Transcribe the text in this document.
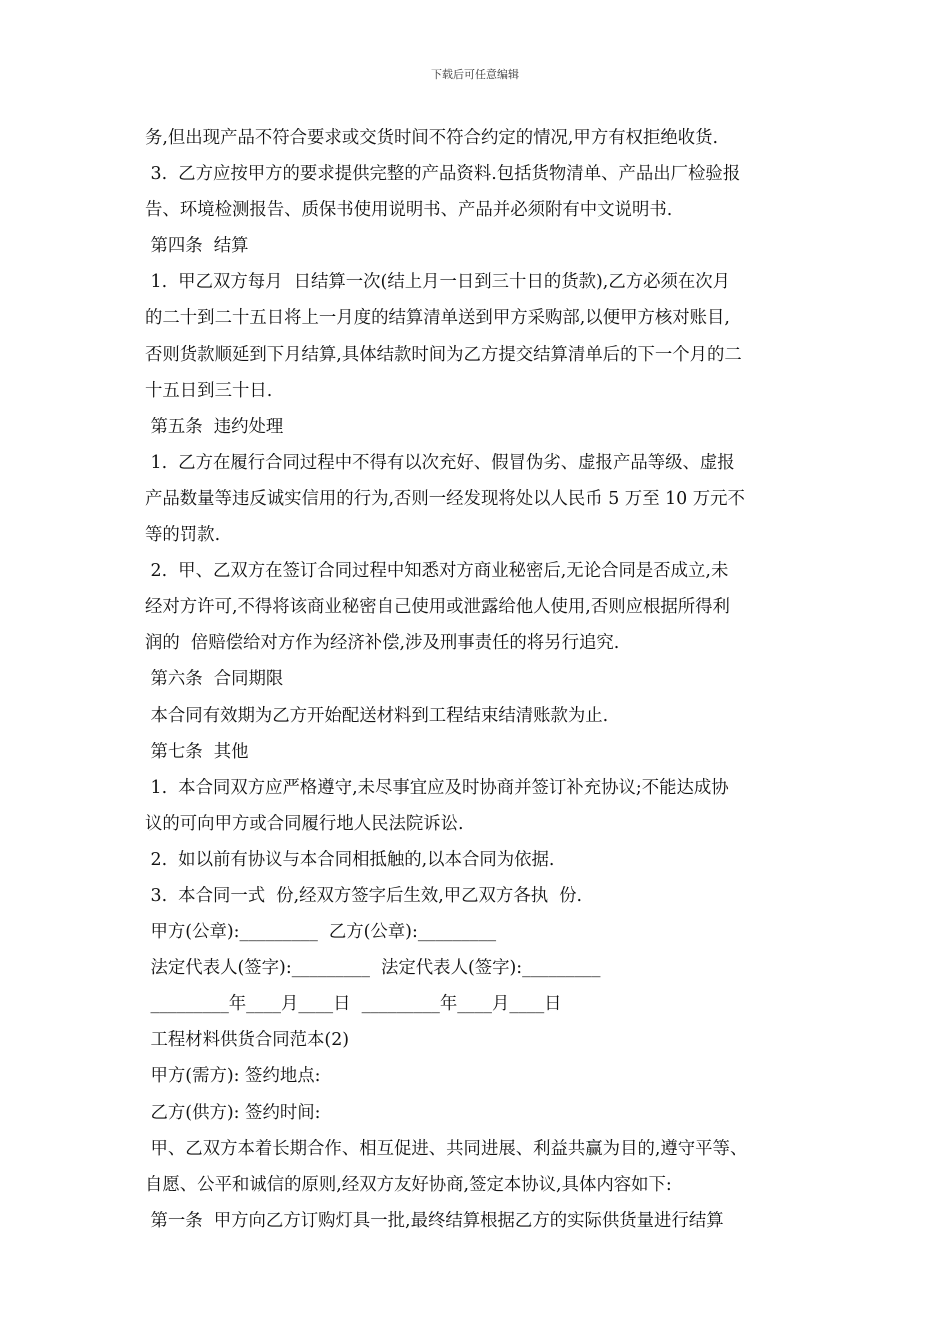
下载后可任意编辑
务,但出现产品不符合要求或交货时间不符合约定的情况,甲方有权拒绝收货.
3.  乙方应按甲方的要求提供完整的产品资料.包括货物清单、产品出厂检验报
告、环境检测报告、质保书使用说明书、产品并必须附有中文说明书.
第四条  结算
1.  甲乙双方每月  日结算一次(结上月一日到三十日的货款),乙方必须在次月
的二十到二十五日将上一月度的结算清单送到甲方采购部,以便甲方核对账目,
否则货款顺延到下月结算,具体结款时间为乙方提交结算清单后的下一个月的二
十五日到三十日.
第五条  违约处理
1.  乙方在履行合同过程中不得有以次充好、假冒伪劣、虚报产品等级、虚报
产品数量等违反诚实信用的行为,否则一经发现将处以人民币 5 万至 10 万元不
等的罚款.
2.  甲、乙双方在签订合同过程中知悉对方商业秘密后,无论合同是否成立,未
经对方许可,不得将该商业秘密自己使用或泄露给他人使用,否则应根据所得利
润的  倍赔偿给对方作为经济补偿,涉及刑事责任的将另行追究.
第六条  合同期限
本合同有效期为乙方开始配送材料到工程结束结清账款为止.
第七条  其他
1.  本合同双方应严格遵守,未尽事宜应及时协商并签订补充协议;不能达成协
议的可向甲方或合同履行地人民法院诉讼.
2.  如以前有协议与本合同相抵触的,以本合同为依据.
3.  本合同一式  份,经双方签字后生效,甲乙双方各执  份.
甲方(公章):_________  乙方(公章):_________
法定代表人(签字):_________  法定代表人(签字):_________
_________年____月____日  _________年____月____日
工程材料供货合同范本(2)
甲方(需方): 签约地点:
乙方(供方): 签约时间:
甲、乙双方本着长期合作、相互促进、共同进展、利益共赢为目的,遵守平等、
自愿、公平和诚信的原则,经双方友好协商,签定本协议,具体内容如下:
第一条  甲方向乙方订购灯具一批,最终结算根据乙方的实际供货量进行结算
